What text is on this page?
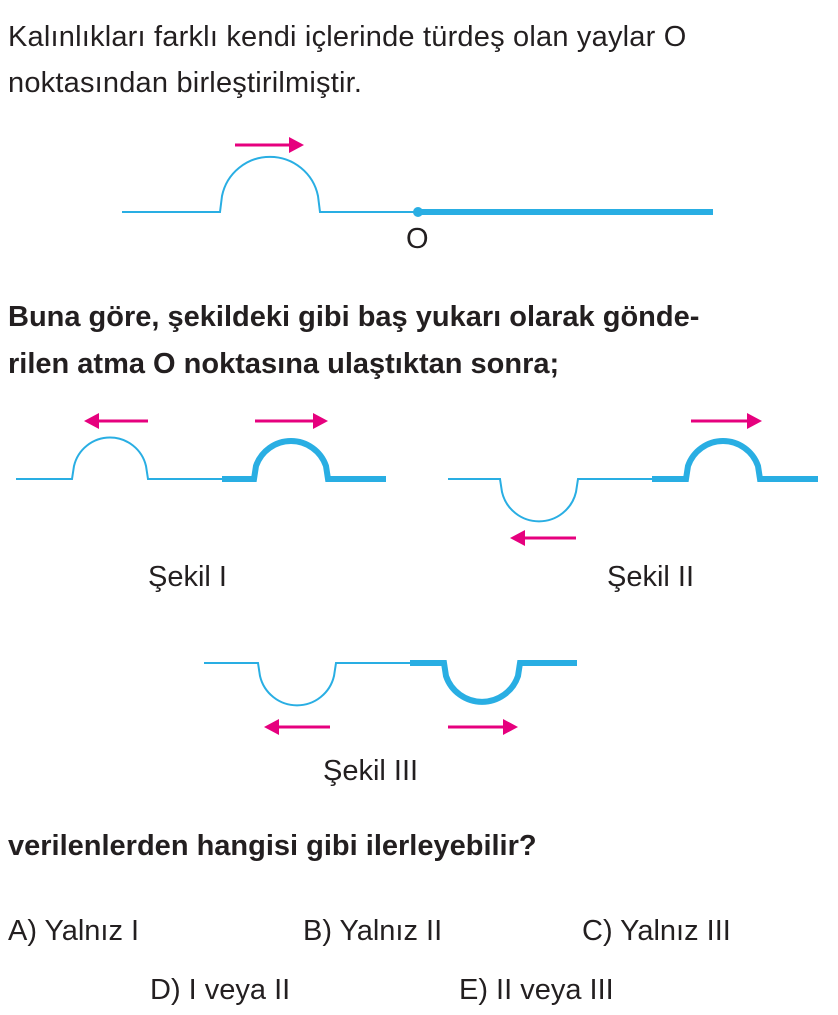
Kalınlıkları farklı kendi içlerinde türdeş olan yaylar O
noktasından birleştirilmiştir.
O
Buna göre, şekildeki gibi baş yukarı olarak gönde-
rilen atma O noktasına ulaştıktan sonra;
Şekil I	Şekil II
Şekil III
verilenlerden hangisi gibi ilerleyebilir?
A) Yalnız I	B) Yalnız II	C) Yalnız III
D) I veya II	E) II veya III
